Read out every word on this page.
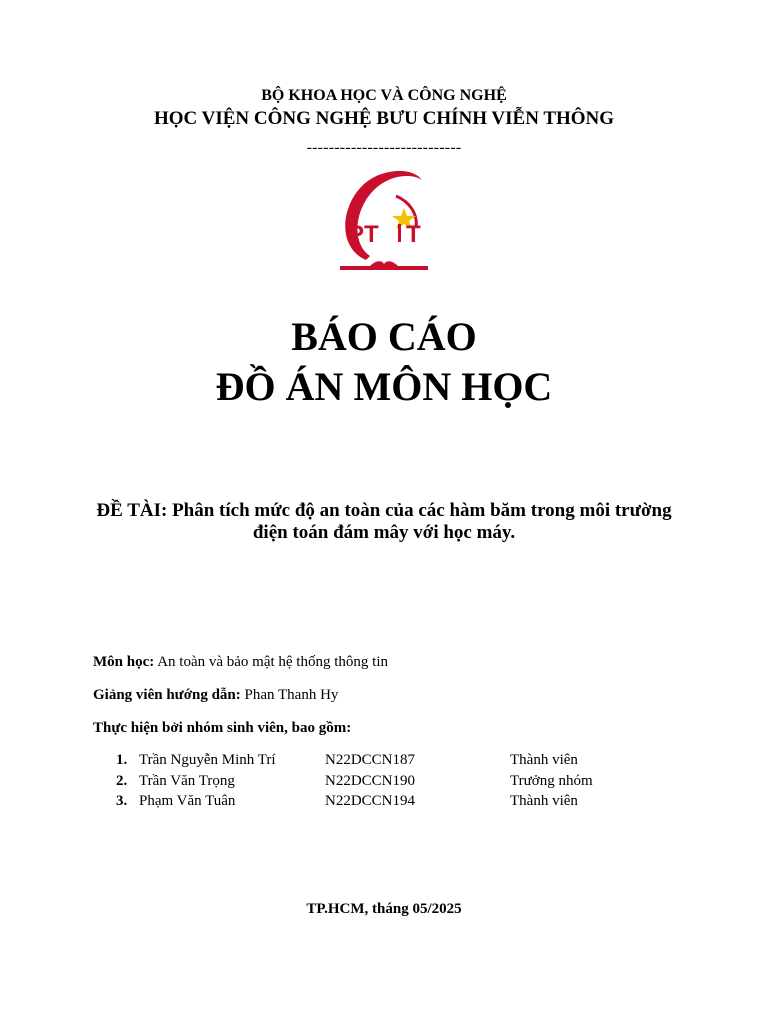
BỘ KHOA HỌC VÀ CÔNG NGHỆ
HỌC VIỆN CÔNG NGHỆ BƯU CHÍNH VIỄN THÔNG
----------------------------
PT T
BÁO CÁO
ĐỒ ÁN MÔN HỌC
ĐỀ TÀI: Phân tích mức độ an toàn của các hàm băm trong môi trường điện toán đám mây với học máy.
Môn học: An toàn và bảo mật hệ thống thông tin
Giảng viên hướng dẫn: Phan Thanh Hy
Thực hiện bởi nhóm sinh viên, bao gồm:
1. Trần Nguyễn Minh Trí	N22DCCN187	Thành viên
2. Trần Văn Trọng	N22DCCN190	Trưởng nhóm
3. Phạm Văn Tuân	N22DCCN194	Thành viên
TP.HCM, tháng 05/2025
